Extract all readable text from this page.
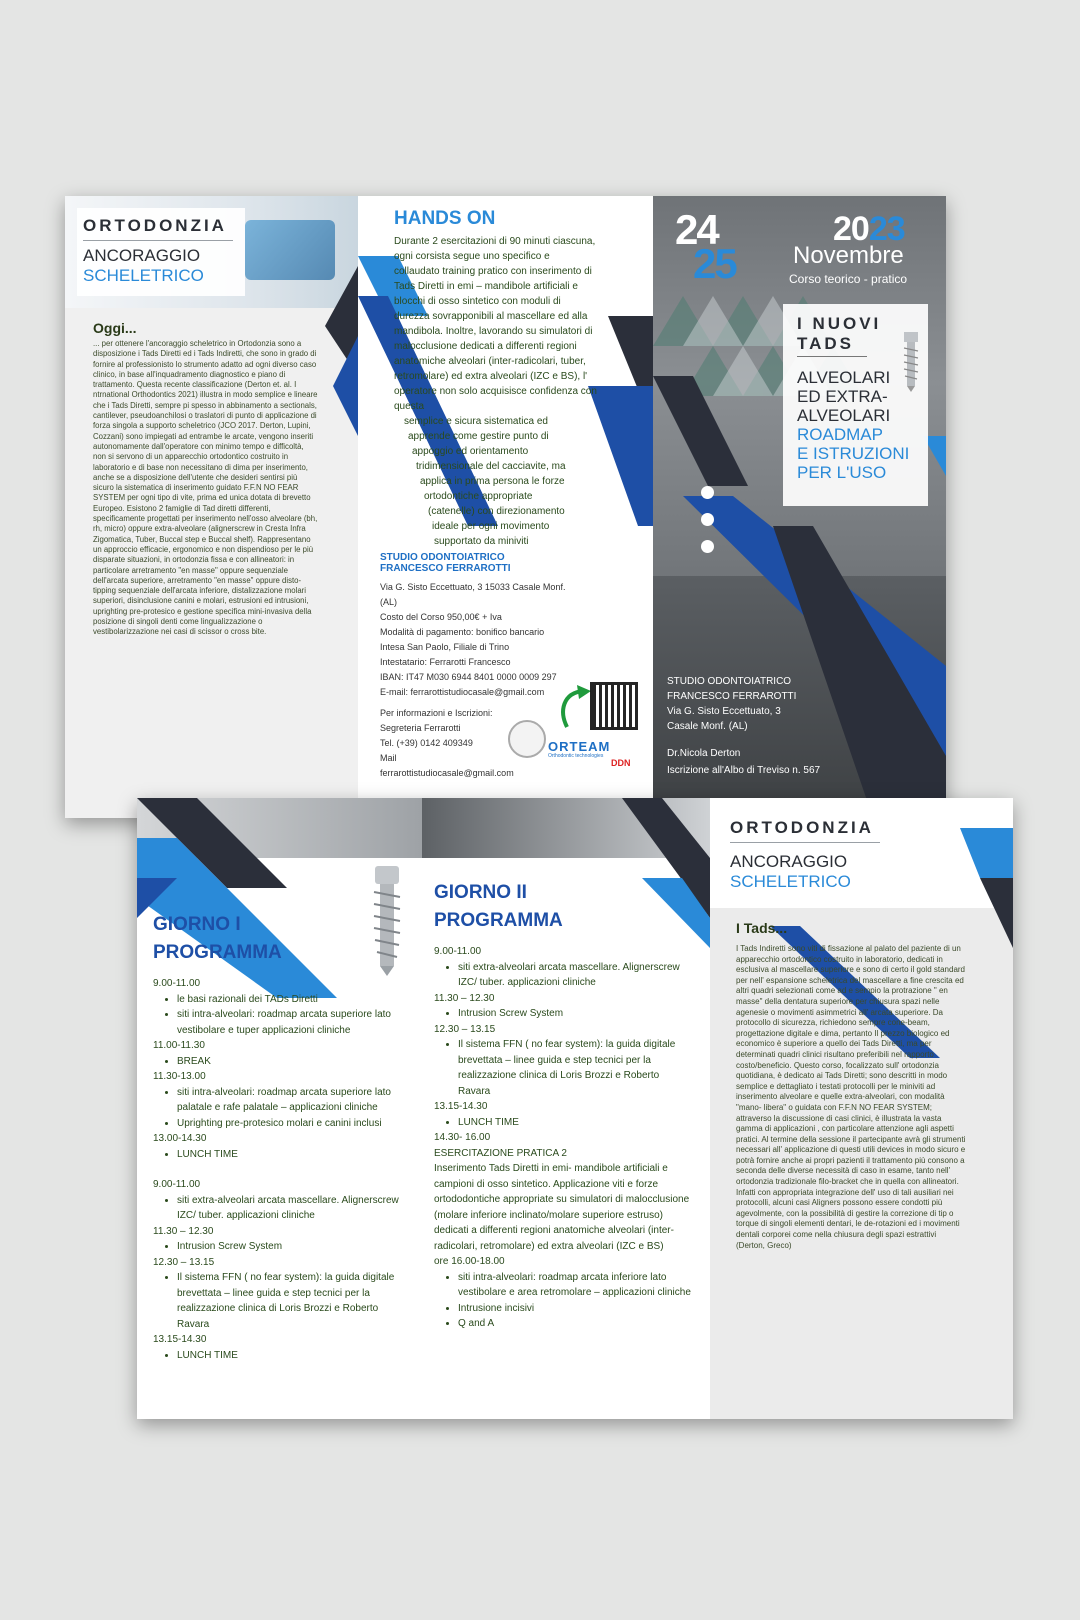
ORTODONZIA
ANCORAGGIO
SCHELETRICO
Oggi...
... per ottenere l'ancoraggio scheletrico in Ortodonzia sono a disposizione i Tads Diretti ed i Tads Indiretti, che sono in grado di fornire al professionisto lo strumento adatto ad ogni diverso caso clinico, in base all'inquadramento diagnostico e piano di trattamento. Questa recente classificazione (Derton et. al. I ntrnational Orthodontics 2021) illustra in modo semplice e lineare che i Tads Diretti, sempre pi spesso in abbinamento a sectionals, cantilever, pseudoanchilosi o traslatori di punto di applicazione di forza singola a supporto scheletrico (JCO 2017. Derton, Lupini, Cozzani) sono impiegati ad entrambe le arcate, vengono inseriti autonomamente dall'operatore con minimo tempo e difficoltà, non si servono di un apparecchio ortodontico costruito in laboratorio e di base non necessitano di dima per inserimento, anche se a disposizione dell'utente che desideri sentirsi più sicuro la sistematica di inserimento guidato F.F.N NO FEAR SYSTEM per ogni tipo di vite, prima ed unica dotata di brevetto Europeo. Esistono 2 famiglie di Tad diretti differenti, specificamente progettati per inserimento nell'osso alveolare (bh, rh, micro) oppure extra-alveolare (alignerscrew in Cresta Infra Zigomatica, Tuber, Buccal step e Buccal shelf). Rappresentano un approccio efficacie, ergonomico e non dispendioso per le più disparate situazioni, in ortodonzia fissa e con allineatori: in particolare arretramento "en masse" oppure sequenziale dell'arcata superiore, arretramento "en masse" oppure disto-tipping sequenziale dell'arcata inferiore, distalizzazione molari superiori, disinclusione canini e molari, estrusioni ed intrusioni, uprighting pre-protesico e gestione specifica mini-invasiva della posizione di singoli denti come lingualizzazione o vestibolarizzazione nei casi di scissor o cross bite.
HANDS ON
Durante 2 esercitazioni di 90 minuti ciascuna,
ogni corsista segue uno specifico e
collaudato training pratico con inserimento di
Tads Diretti in emi – mandibole artificiali e
blocchi di osso sintetico con moduli di
durezza sovrapponibili al mascellare ed alla
mandibola. Inoltre, lavorando su simulatori di
malocclusione dedicati a differenti regioni
anatomiche alveolari (inter-radicolari, tuber,
retromolare) ed extra alveolari (IZC e BS), l'
operatore non solo acquisisce confidenza con
questa
semplice e sicura sistematica ed
apprende come gestire punto di
appoggio ed orientamento
tridimensionale del cacciavite, ma
applica in prima persona le forze
ortodontiche appropriate
(catenelle) con direzionamento
ideale per ogni movimento
supportato da miniviti
STUDIO ODONTOIATRICO
FRANCESCO FERRAROTTI
Via G. Sisto Eccettuato, 3 15033 Casale Monf.
(AL)
Costo del Corso 950,00€ + Iva
Modalità di pagamento: bonifico bancario
Intesa San Paolo, Filiale di Trino
Intestatario: Ferrarotti Francesco
IBAN: IT47 M030 6944 8401 0000 0009 297
E-mail: ferrarottistudiocasale@gmail.com
Per informazioni e Iscrizioni:
Segreteria Ferrarotti
Tel. (+39) 0142 409349
Mail
ferrarottistudiocasale@gmail.com
ORTEAM
Orthodontic technologies
DDN
24
25
2023
Novembre
Corso teorico - pratico
I NUOVI
TADS
ALVEOLARI
ED EXTRA-
ALVEOLARI
ROADMAP
E ISTRUZIONI
PER L'USO
STUDIO ODONTOIATRICO
FRANCESCO FERRAROTTI
Via G. Sisto Eccettuato, 3
Casale Monf. (AL)
Dr.Nicola Derton
Iscrizione all'Albo di Treviso n. 567
GIORNO I
PROGRAMMA
9.00-11.00
• le basi razionali dei TADs Diretti
• siti intra-alveolari: roadmap arcata superiore lato vestibolare e tuper applicazioni cliniche
11.00-11.30
• BREAK
11.30-13.00
• siti intra-alveolari: roadmap arcata superiore lato palatale e rafe palatale – applicazioni cliniche
• Uprighting pre-protesico molari e canini inclusi
13.00-14.30
• LUNCH TIME
9.00-11.00
• siti extra-alveolari arcata mascellare. Alignerscrew IZC/ tuber. applicazioni cliniche
11.30 – 12.30
• Intrusion Screw System
12.30 – 13.15
• Il sistema FFN ( no fear system): la guida digitale brevettata – linee guida e step tecnici per la realizzazione clinica di Loris Brozzi e Roberto Ravara
13.15-14.30
• LUNCH TIME
GIORNO II
PROGRAMMA
9.00-11.00
• siti extra-alveolari arcata mascellare. Alignerscrew IZC/ tuber. applicazioni cliniche
11.30 – 12.30
• Intrusion Screw System
12.30 – 13.15
• Il sistema FFN ( no fear system): la guida digitale brevettata – linee guida e step tecnici per la realizzazione clinica di Loris Brozzi e Roberto Ravara
13.15-14.30
• LUNCH TIME
14.30- 16.00
ESERCITAZIONE PRATICA 2
Inserimento Tads Diretti in emi- mandibole artificiali e campioni di osso sintetico. Applicazione viti e forze ortododontiche appropriate su simulatori di malocclusione (molare inferiore inclinato/molare superiore estruso) dedicati a differenti regioni anatomiche alveolari (inter-radicolari, retromolare) ed extra alveolari (IZC e BS)
ore 16.00-18.00
• siti intra-alveolari: roadmap arcata inferiore lato vestibolare e area retromolare – applicazioni cliniche
• Intrusione incisivi
• Q and A
ORTODONZIA
ANCORAGGIO
SCHELETRICO
I Tads...
I Tads Indiretti sono viti di fissazione al palato del paziente di un apparecchio ortodontico costruito in laboratorio, dedicati in esclusiva al mascellare superiore e sono di certo il gold standard per nell' espansione scheletrica del mascellare a fine crescita ed altri quadri selezionati come ad e sempio la protrazione " en masse" della dentatura superiore per chiusura spazi nelle agenesie o movimenti asimmetrici all' arcata superiore. Da protocollo di sicurezza, richiedono sempre cone-beam, progettazione digitale e dima, pertanto Il prezzo biologico ed economico è superiore a quello dei Tads Diretti, ma per determinati quadri clinici risultano preferibili nel rapporto costo/beneficio. Questo corso, focalizzato sull' ortodonzia quotidiana, è dedicato ai Tads Diretti; sono descritti in modo semplice e dettagliato i testati protocolli per le miniviti ad inserimento alveolare e quelle extra-alveolari, con modalità "mano- libera" o guidata con F.F.N NO FEAR SYSTEM; attraverso la discussione di casi clinici, è illustrata la vasta gamma di applicazioni , con particolare attenzione agli aspetti pratici. Al termine della sessione il partecipante avrà gli strumenti necessari all' applicazione di questi utili devices in modo sicuro e potrà fornire anche ai propri pazienti il trattamento più consono a seconda delle diverse necessità di caso in esame, tanto nell' ortodonzia tradizionale filo-bracket che in quella con allineatori. Infatti con appropriata integrazione dell' uso di tali ausiliari nei protocolli, alcuni casi Aligners possono essere condotti più agevolmente, con la possibilità di gestire la correzione di tip o torque di singoli elementi dentari, le de-rotazioni ed i movimenti dentali corporei come nella chiusura degli spazi estrattivi (Derton, Greco)
